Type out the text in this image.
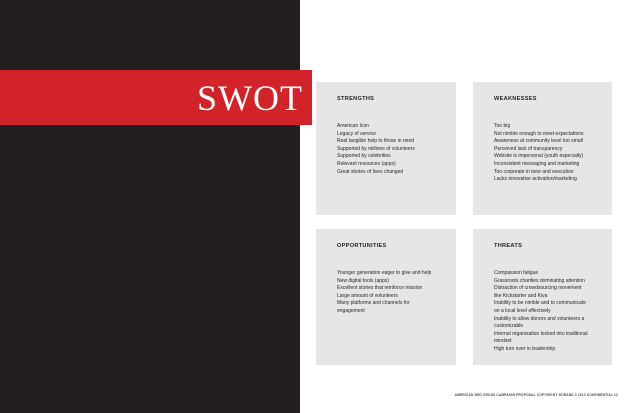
SWOT	STRENGTHS
American Icon
Legacy of service
Real tangible help to those in need
Supported by millions of volunteers
Supported by celebrities
Relevant resources (apps)
Great stories of lives changed
WEAKNESSES
Too big
Not nimble enough to meet expectations
Awareness at community level too small
Perceived lack of transparency
Website is impersonal (youth especially)
Inconsistent messaging and marketing
Too corporate in tone and execution
Lacks innovative activation/marketing
OPPORTUNITIES
Younger generation eager to give and help
New digital tools (apps)
Excellent stories that reinforce mission
Large amount of volunteers
Many platforms and channels for
engagement
THREATS
Compassion fatigue
Grassroots charities dominating attention
Distraction of crowdsourcing movement
like Kickstarter and Kiva
Inability to be nimble and to communicate
on a local level effectively
Inability to allow donors and volunteers a
customizable
Internal organization locked into traditional
mindset
High turn over in leadership
AMERICAN RED CROSS CAMPAIGN PROPOSAL COPYRIGHT NORAND 0 2013 CONFIDENTIAL 12
